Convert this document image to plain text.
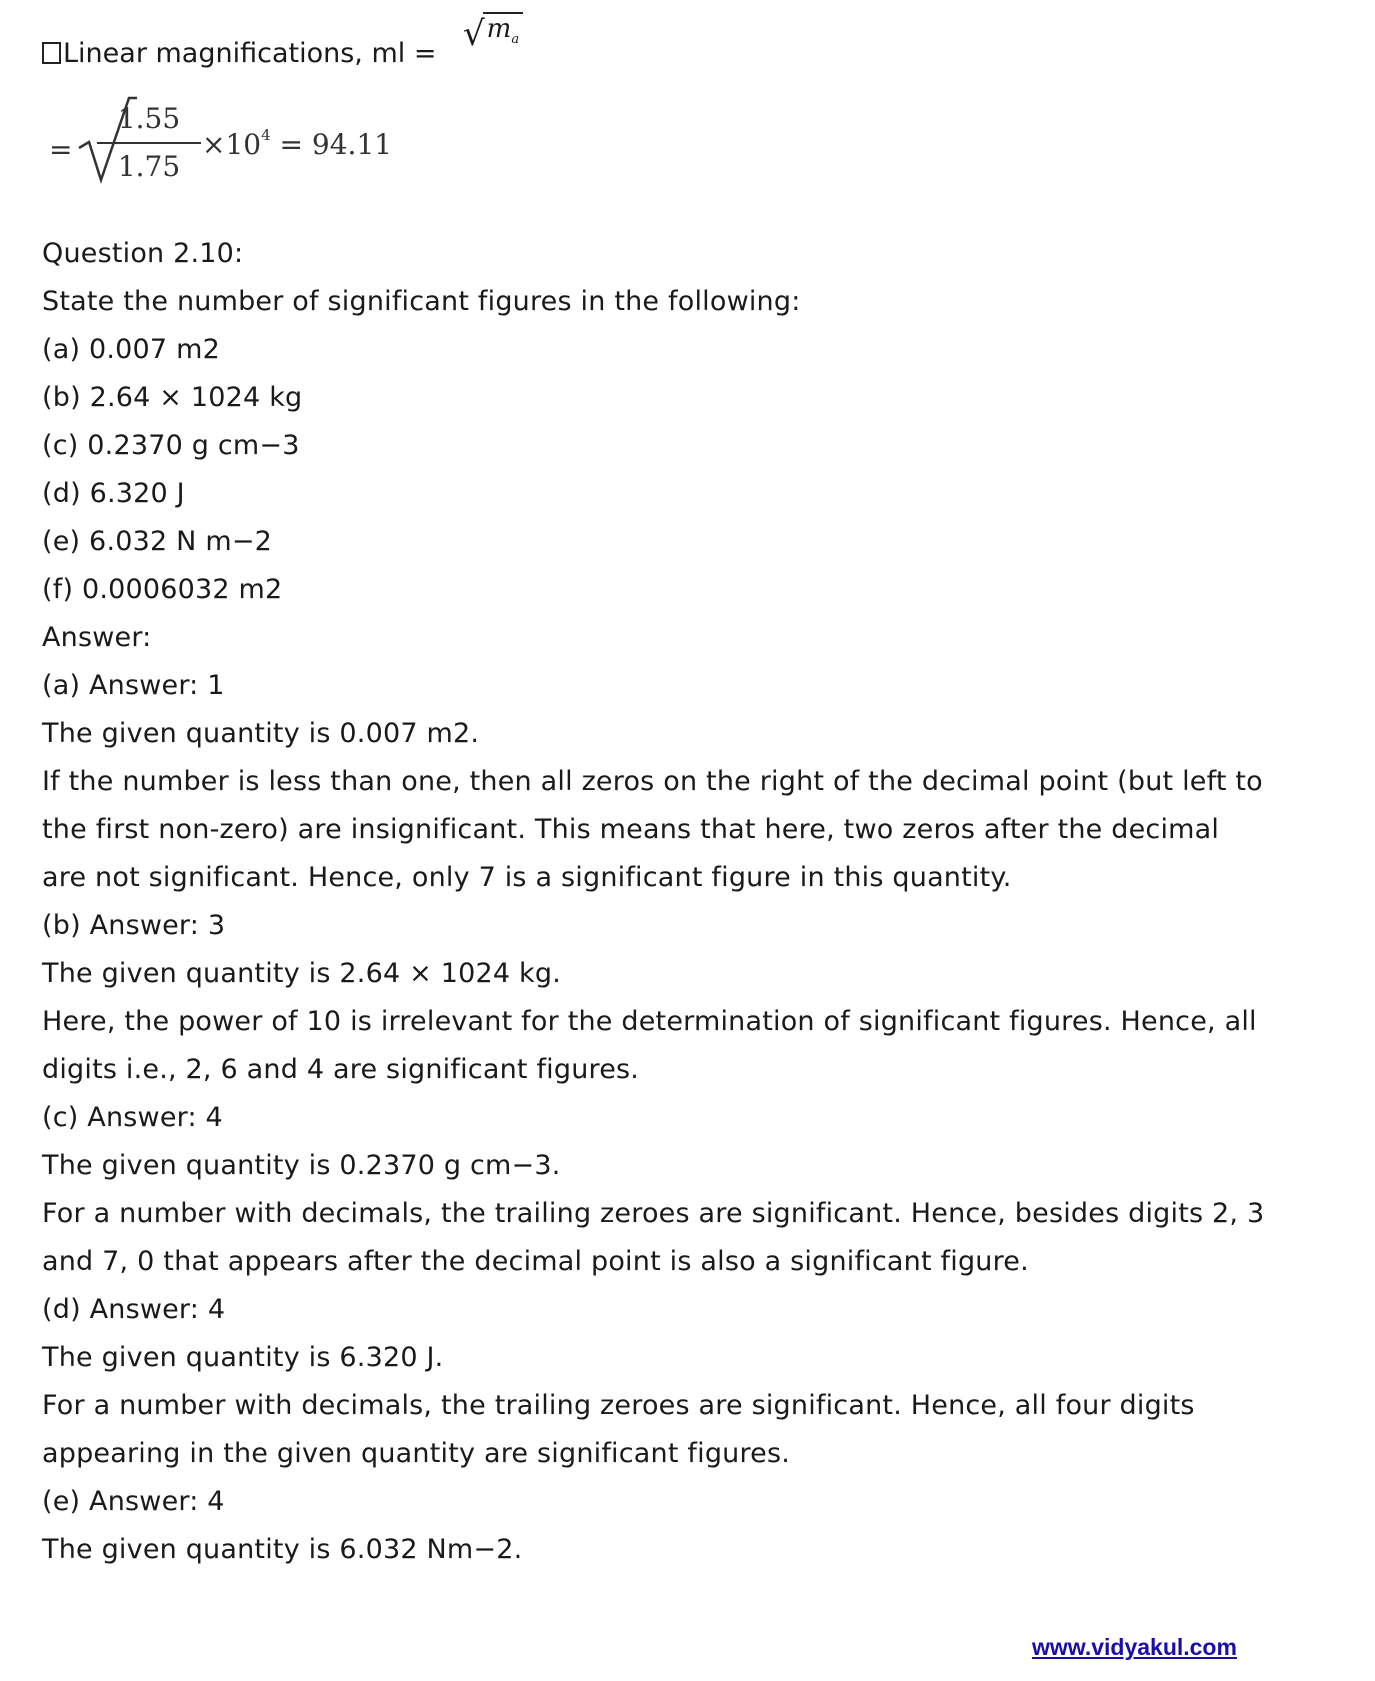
Linear magnifications, ml = $√m_a$
=
1.55
1.75
$\times 10^4 = 94.11$
Question 2.10:
State the number of significant figures in the following:
(a) 0.007 m2
(b) 2.64 × 1024 kg
(c) 0.2370 g cm−3
(d) 6.320 J
(e) 6.032 N m−2
(f) 0.0006032 m2
Answer:
(a) Answer: 1
The given quantity is 0.007 m2.
If the number is less than one, then all zeros on the right of the decimal point (but left to
the first non-zero) are insignificant. This means that here, two zeros after the decimal
are not significant. Hence, only 7 is a significant figure in this quantity.
(b) Answer: 3
The given quantity is 2.64 × 1024 kg.
Here, the power of 10 is irrelevant for the determination of significant figures. Hence, all
digits i.e., 2, 6 and 4 are significant figures.
(c) Answer: 4
The given quantity is 0.2370 g cm−3.
For a number with decimals, the trailing zeroes are significant. Hence, besides digits 2, 3
and 7, 0 that appears after the decimal point is also a significant figure.
(d) Answer: 4
The given quantity is 6.320 J.
For a number with decimals, the trailing zeroes are significant. Hence, all four digits
appearing in the given quantity are significant figures.
(e) Answer: 4
The given quantity is 6.032 Nm−2.
www.vidyakul.com
